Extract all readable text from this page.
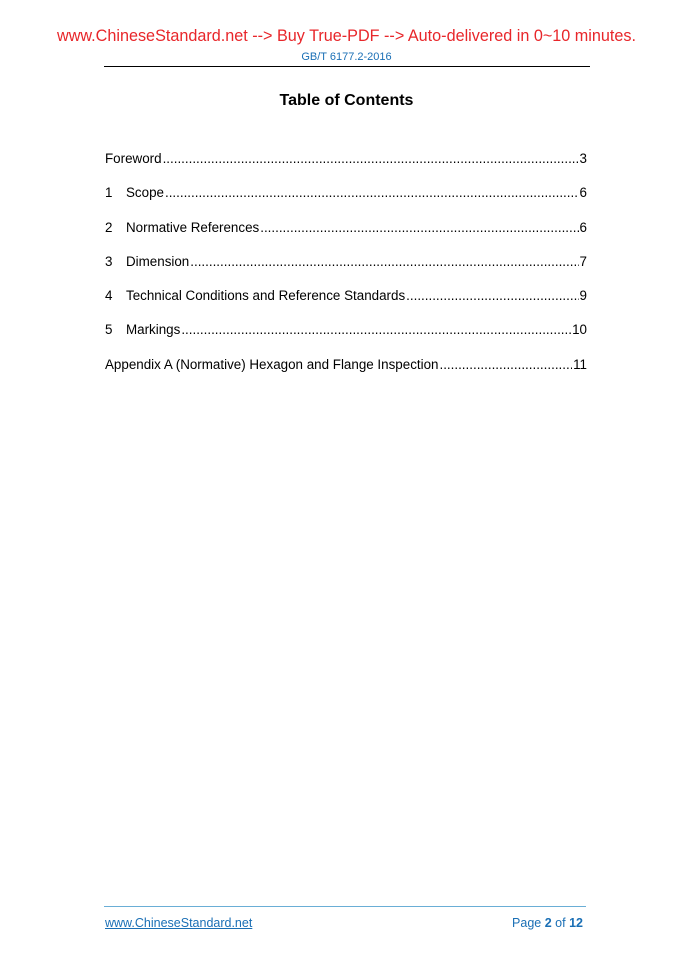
www.ChineseStandard.net --> Buy True-PDF --> Auto-delivered in 0~10 minutes.
GB/T 6177.2-2016
Table of Contents
Foreword .....	3
1	Scope .....	6
2	Normative References .....	6
3	Dimension .....	7
4	Technical Conditions and Reference Standards .....	9
5	Markings .....	10
Appendix A (Normative) Hexagon and Flange Inspection .....	11
www.ChineseStandard.net	Page 2 of 12
